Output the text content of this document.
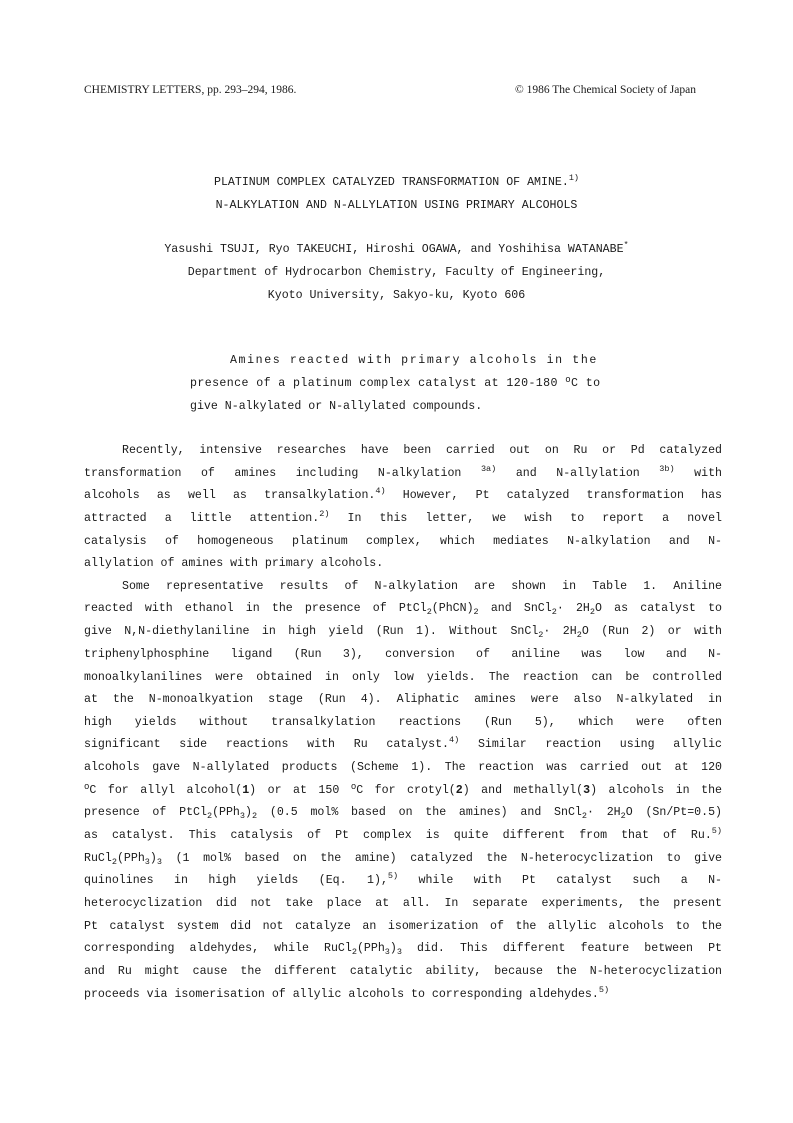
CHEMISTRY LETTERS, pp. 293‒294, 1986.	© 1986 The Chemical Society of Japan
PLATINUM COMPLEX CATALYZED TRANSFORMATION OF AMINE.$^{1)}$
N-ALKYLATION AND N-ALLYLATION USING PRIMARY ALCOHOLS
Yasushi TSUJI, Ryo TAKEUCHI, Hiroshi OGAWA, and Yoshihisa WATANABE*
Department of Hydrocarbon Chemistry, Faculty of Engineering,
Kyoto University, Sakyo-ku, Kyoto 606
Amines reacted with primary alcohols in the
presence of a platinum complex catalyst at 120-180 $^o$C to
give N-alkylated or N-allylated compounds.
Recently, intensive researches have been carried out on Ru or Pd catalyzed
transformation of amines including N-alkylation $^{3a)}$ and N-allylation $^{3b)}$ with
alcohols as well as transalkylation.$^{4)}$ However, Pt catalyzed transformation has
attracted a little attention.$^{2)}$ In this letter, we wish to report a novel
catalysis of homogeneous platinum complex, which mediates N-alkylation and N-
allylation of amines with primary alcohols.
Some representative results of N-alkylation are shown in Table 1. Aniline
reacted with ethanol in the presence of $PtCl_2(PhCN)_2$ and SnCl$_2$· $2H_2O$ as catalyst to
give N,N-diethylaniline in high yield (Run 1). Without SnCl$_2$· $2H_2O$ (Run 2) or with
triphenylphosphine ligand (Run 3), conversion of aniline was low and N-
monoalkylanilines were obtained in only low yields. The reaction can be controlled
at the N-monoalkyation stage (Run 4). Aliphatic amines were also N-alkylated in
high yields without transalkylation reactions (Run 5), which were often
significant side reactions with Ru catalyst.$^{4)}$ Similar reaction using allylic
alcohols gave N-allylated products (Scheme 1). The reaction was carried out at 120
$^o$C for allyl alcohol(1) or at 150 $^o$C for crotyl(2) and methallyl(3) alcohols in the
presence of $PtCl_2(PPh_3)_2$ (0.5 mol% based on the amines) and SnCl$_2$· $2H_2O$ (Sn/Pt=0.5)
as catalyst. This catalysis of Pt complex is quite different from that of Ru.$^{5)}$
$RuCl_2(PPh_3)_3$ (1 mol% based on the amine) catalyzed the N-heterocyclization to give
quinolines in high yields (Eq. 1),$^{5)}$ while with Pt catalyst such a N-
heterocyclization did not take place at all. In separate experiments, the present
Pt catalyst system did not catalyze an isomerization of the allylic alcohols to the
corresponding aldehydes, while $RuCl_2(PPh_3)_3$ did. This different feature between Pt
and Ru might cause the different catalytic ability, because the N-heterocyclization
proceeds via isomerisation of allylic alcohols to corresponding aldehydes.$^{5)}$
